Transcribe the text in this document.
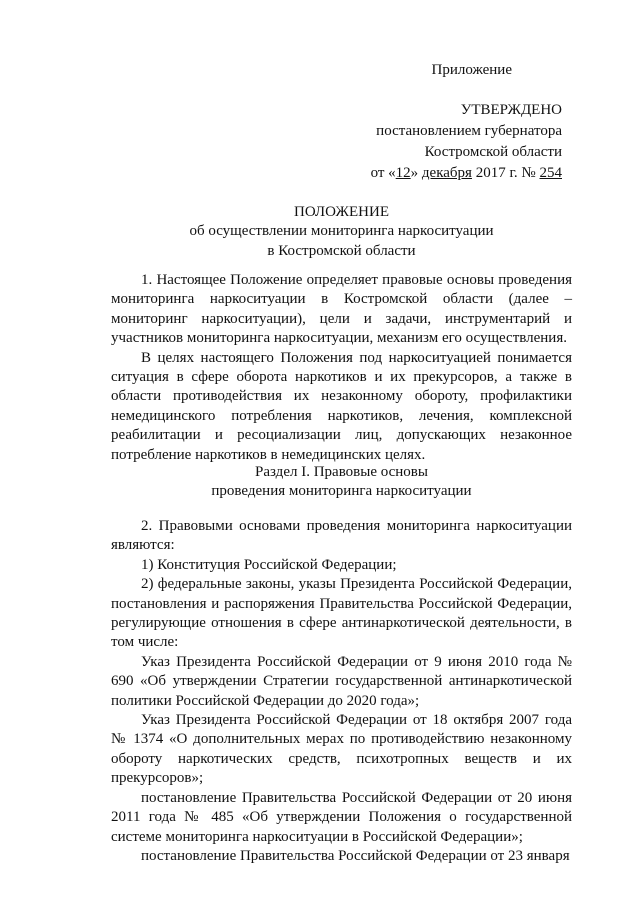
Приложение
УТВЕРЖДЕНО
постановлением губернатора
Костромской области
от «12» декабря 2017 г. № 254
ПОЛОЖЕНИЕ
об осуществлении мониторинга наркоситуации
в Костромской области

1. Настоящее Положение определяет правовые основы проведения мониторинга наркоситуации в Костромской области (далее – мониторинг наркоситуации), цели и задачи, инструментарий и участников мониторинга наркоситуации, механизм его осуществления.

В целях настоящего Положения под наркоситуацией понимается ситуация в сфере оборота наркотиков и их прекурсоров, а также в области противодействия их незаконному обороту, профилактики немедицинского потребления наркотиков, лечения, комплексной реабилитации и ресоциализации лиц, допускающих незаконное потребление наркотиков в немедицинских целях.

Раздел I. Правовые основы
проведения мониторинга наркоситуации

2. Правовыми основами проведения мониторинга наркоситуации являются:

1) Конституция Российской Федерации;

2) федеральные законы, указы Президента Российской Федерации, постановления и распоряжения Правительства Российской Федерации, регулирующие отношения в сфере антинаркотической деятельности, в том числе:

Указ Президента Российской Федерации от 9 июня 2010 года № 690 «Об утверждении Стратегии государственной антинаркотической политики Российской Федерации до 2020 года»;

Указ Президента Российской Федерации от 18 октября 2007 года № 1374 «О дополнительных мерах по противодействию незаконному обороту наркотических средств, психотропных веществ и их прекурсоров»;

постановление Правительства Российской Федерации от 20 июня 2011 года № 485 «Об утверждении Положения о государственной системе мониторинга наркоситуации в Российской Федерации»;

постановление Правительства Российской Федерации от 23 января
